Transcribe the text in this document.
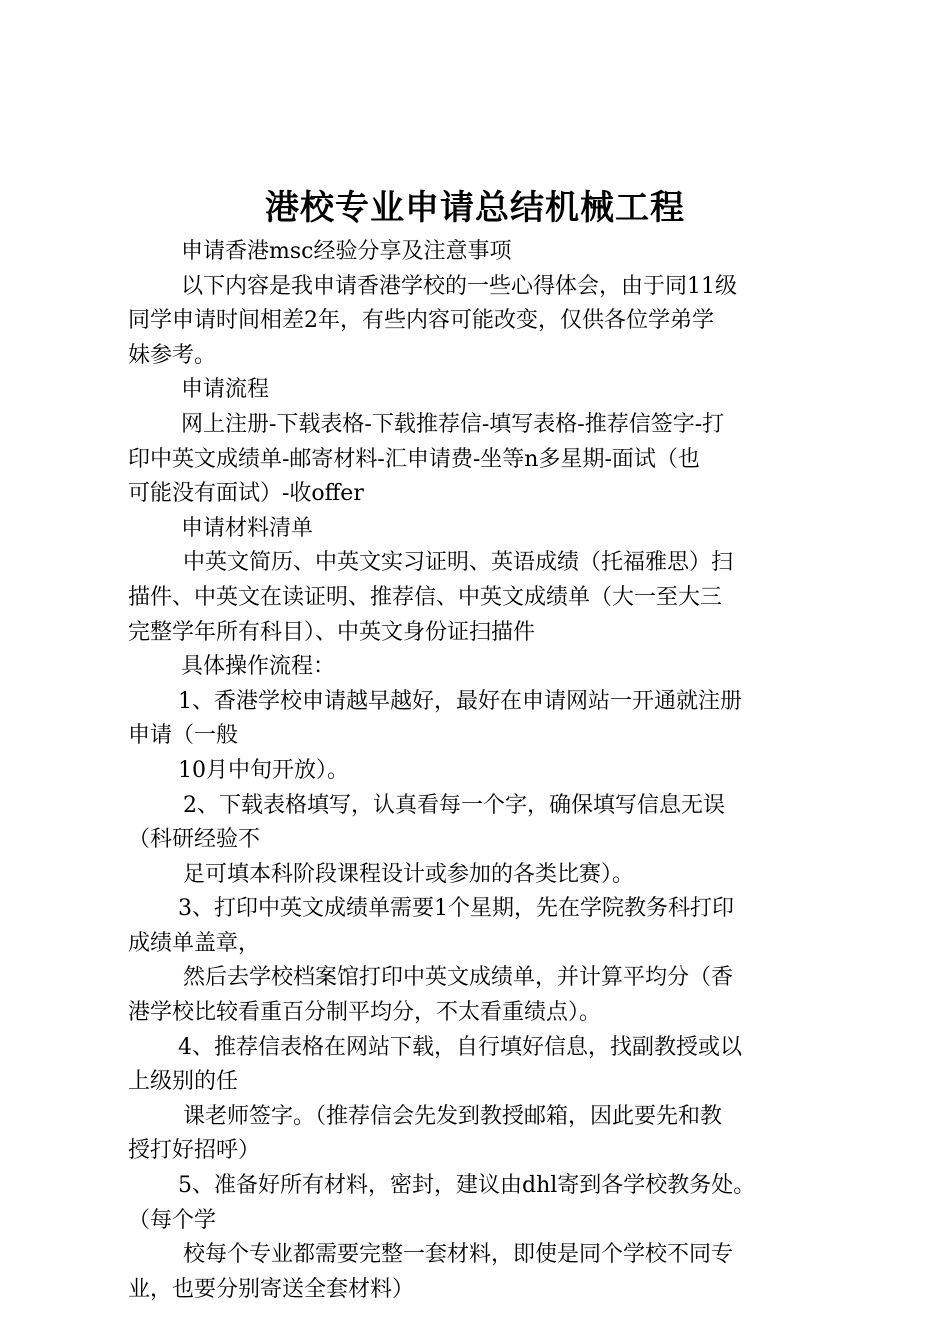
港校专业申请总结机械工程
申请香港msc经验分享及注意事项
以下内容是我申请香港学校的一些心得体会，由于同11级
同学申请时间相差2年，有些内容可能改变，仅供各位学弟学
妹参考。
申请流程
网上注册-下载表格-下载推荐信-填写表格-推荐信签字-打
印中英文成绩单-邮寄材料-汇申请费-坐等n多星期-面试（也
可能没有面试）-收offer
申请材料清单
中英文简历、中英文实习证明、英语成绩（托福雅思）扫
描件、中英文在读证明、推荐信、中英文成绩单（大一至大三
完整学年所有科目）、中英文身份证扫描件
具体操作流程：
1、香港学校申请越早越好，最好在申请网站一开通就注册
申请（一般
10月中旬开放）。
2、下载表格填写，认真看每一个字，确保填写信息无误
（科研经验不
足可填本科阶段课程设计或参加的各类比赛）。
3、打印中英文成绩单需要1个星期，先在学院教务科打印
成绩单盖章，
然后去学校档案馆打印中英文成绩单，并计算平均分（香
港学校比较看重百分制平均分，不太看重绩点）。
4、推荐信表格在网站下载，自行填好信息，找副教授或以
上级别的任
课老师签字。（推荐信会先发到教授邮箱，因此要先和教
授打好招呼）
5、准备好所有材料，密封，建议由dhl寄到各学校教务处。
（每个学
校每个专业都需要完整一套材料，即使是同个学校不同专
业，也要分别寄送全套材料）
